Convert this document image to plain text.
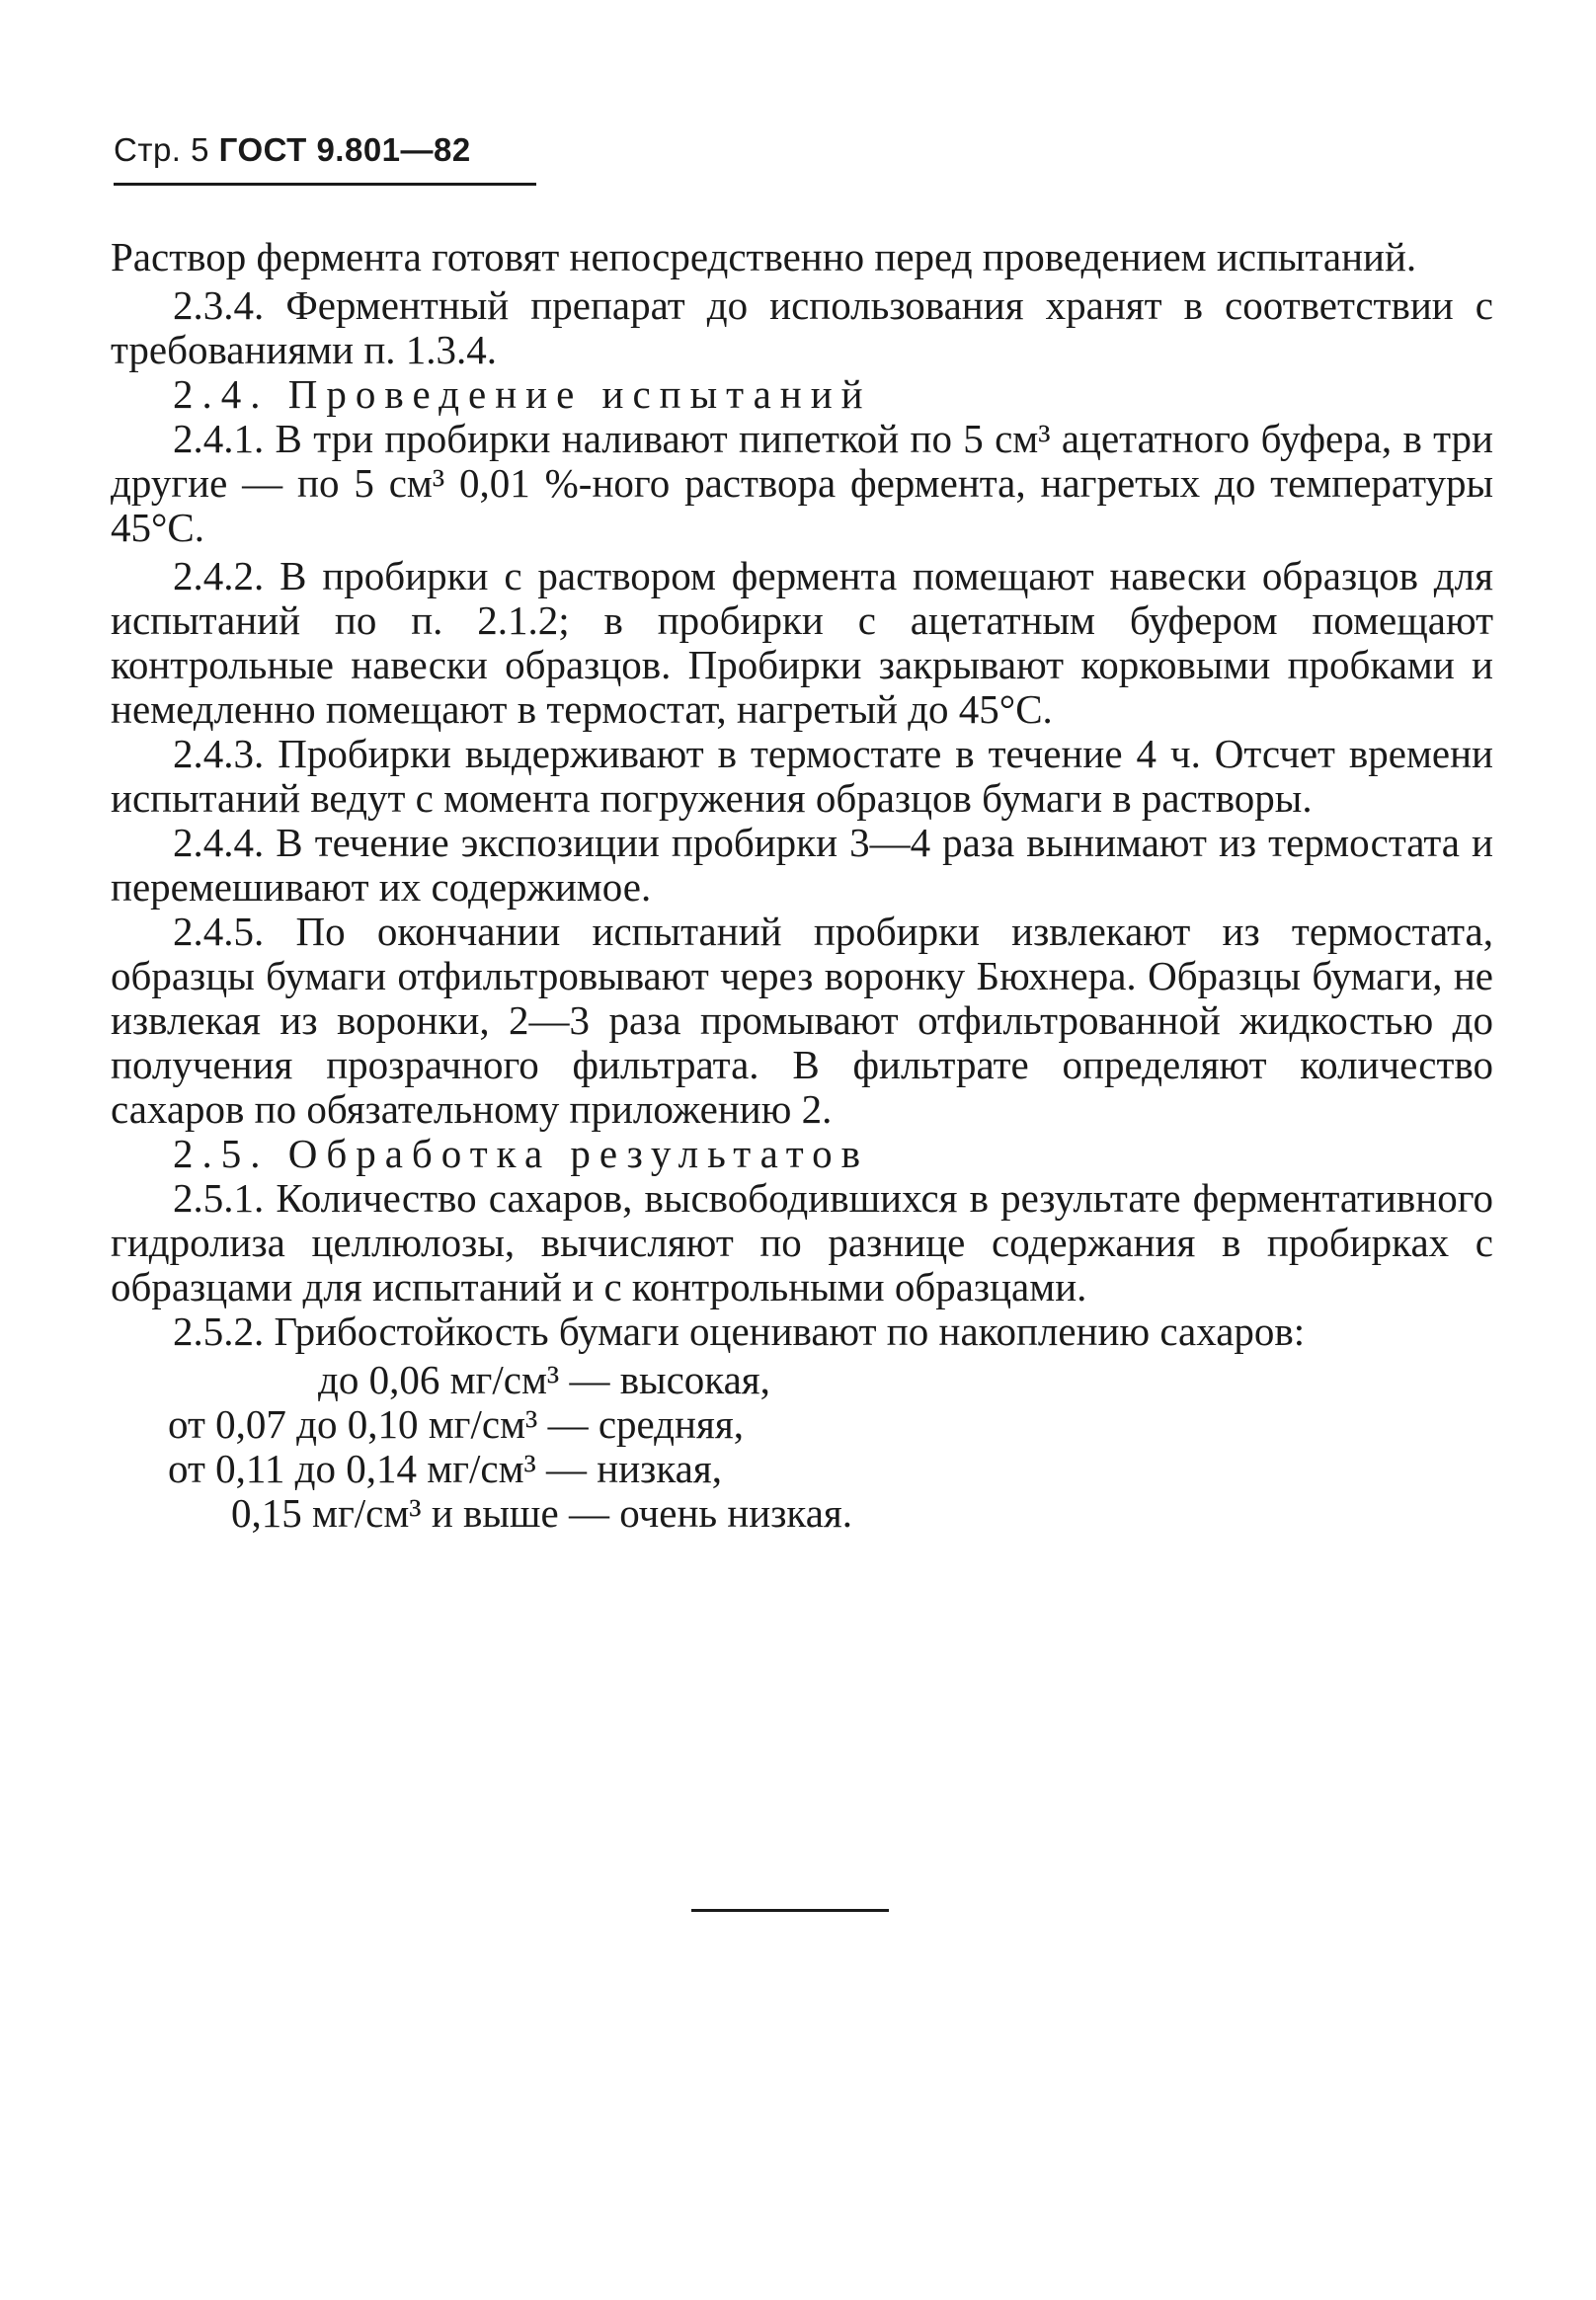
Стр. 5 ГОСТ 9.801—82

Раствор фермента готовят непосредственно перед проведением испытаний.

2.3.4. Ферментный препарат до использования хранят в соответствии с требованиями п. 1.3.4.

2.4. Проведение испытаний

2.4.1. В три пробирки наливают пипеткой по 5 см³ ацетатного буфера, в три другие — по 5 см³ 0,01 %-ного раствора фермента, нагретых до температуры 45°С.

2.4.2. В пробирки с раствором фермента помещают навески образцов для испытаний по п. 2.1.2; в пробирки с ацетатным буфером помещают контрольные навески образцов. Пробирки закрывают корковыми пробками и немедленно помещают в термостат, нагретый до 45°С.

2.4.3. Пробирки выдерживают в термостате в течение 4 ч. Отсчет времени испытаний ведут с момента погружения образцов бумаги в растворы.

2.4.4. В течение экспозиции пробирки 3—4 раза вынимают из термостата и перемешивают их содержимое.

2.4.5. По окончании испытаний пробирки извлекают из термостата, образцы бумаги отфильтровывают через воронку Бюхнера. Образцы бумаги, не извлекая из воронки, 2—3 раза промывают отфильтрованной жидкостью до получения прозрачного фильтрата. В фильтрате определяют количество сахаров по обязательному приложению 2.

2.5. Обработка результатов

2.5.1. Количество сахаров, высвободившихся в результате ферментативного гидролиза целлюлозы, вычисляют по разнице содержания в пробирках с образцами для испытаний и с контрольными образцами.

2.5.2. Грибостойкость бумаги оценивают по накоплению сахаров:

до 0,06 мг/см³ — высокая,
от 0,07 до 0,10 мг/см³ — средняя,
от 0,11 до 0,14 мг/см³ — низкая,
0,15 мг/см³ и выше — очень низкая.
